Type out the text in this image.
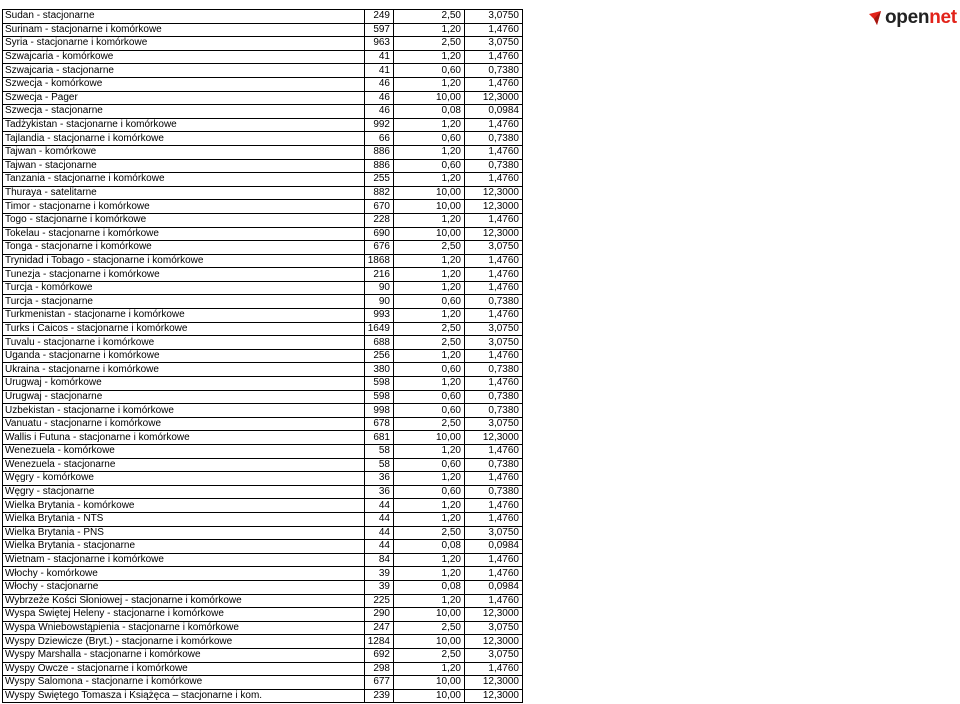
opennet
Sudan - stacjonarne	249	2,50	3,0750
Surinam - stacjonarne i komórkowe	597	1,20	1,4760
Syria - stacjonarne i komórkowe	963	2,50	3,0750
Szwajcaria - komórkowe	41	1,20	1,4760
Szwajcaria - stacjonarne	41	0,60	0,7380
Szwecja - komórkowe	46	1,20	1,4760
Szwecja - Pager	46	10,00	12,3000
Szwecja - stacjonarne	46	0,08	0,0984
Tadżykistan - stacjonarne i komórkowe	992	1,20	1,4760
Tajlandia - stacjonarne i komórkowe	66	0,60	0,7380
Tajwan - komórkowe	886	1,20	1,4760
Tajwan - stacjonarne	886	0,60	0,7380
Tanzania - stacjonarne i komórkowe	255	1,20	1,4760
Thuraya - satelitarne	882	10,00	12,3000
Timor - stacjonarne i komórkowe	670	10,00	12,3000
Togo - stacjonarne i komórkowe	228	1,20	1,4760
Tokelau - stacjonarne i komórkowe	690	10,00	12,3000
Tonga - stacjonarne i komórkowe	676	2,50	3,0750
Trynidad i Tobago - stacjonarne i komórkowe	1868	1,20	1,4760
Tunezja - stacjonarne i komórkowe	216	1,20	1,4760
Turcja - komórkowe	90	1,20	1,4760
Turcja - stacjonarne	90	0,60	0,7380
Turkmenistan - stacjonarne i komórkowe	993	1,20	1,4760
Turks i Caicos - stacjonarne i komórkowe	1649	2,50	3,0750
Tuvalu - stacjonarne i komórkowe	688	2,50	3,0750
Uganda - stacjonarne i komórkowe	256	1,20	1,4760
Ukraina - stacjonarne i komórkowe	380	0,60	0,7380
Urugwaj - komórkowe	598	1,20	1,4760
Urugwaj - stacjonarne	598	0,60	0,7380
Uzbekistan - stacjonarne i komórkowe	998	0,60	0,7380
Vanuatu - stacjonarne i komórkowe	678	2,50	3,0750
Wallis i Futuna - stacjonarne i komórkowe	681	10,00	12,3000
Wenezuela - komórkowe	58	1,20	1,4760
Wenezuela - stacjonarne	58	0,60	0,7380
Węgry - komórkowe	36	1,20	1,4760
Węgry - stacjonarne	36	0,60	0,7380
Wielka Brytania - komórkowe	44	1,20	1,4760
Wielka Brytania - NTS	44	1,20	1,4760
Wielka Brytania - PNS	44	2,50	3,0750
Wielka Brytania - stacjonarne	44	0,08	0,0984
Wietnam - stacjonarne i komórkowe	84	1,20	1,4760
Włochy - komórkowe	39	1,20	1,4760
Włochy - stacjonarne	39	0,08	0,0984
Wybrzeże Kości Słoniowej - stacjonarne i komórkowe	225	1,20	1,4760
Wyspa Świętej Heleny - stacjonarne i komórkowe	290	10,00	12,3000
Wyspa Wniebowstąpienia - stacjonarne i komórkowe	247	2,50	3,0750
Wyspy Dziewicze (Bryt.) - stacjonarne i komórkowe	1284	10,00	12,3000
Wyspy Marshalla - stacjonarne i komórkowe	692	2,50	3,0750
Wyspy Owcze - stacjonarne i komórkowe	298	1,20	1,4760
Wyspy Salomona - stacjonarne i komórkowe	677	10,00	12,3000
Wyspy Świętego Tomasza i Książęca – stacjonarne i kom.	239	10,00	12,3000
